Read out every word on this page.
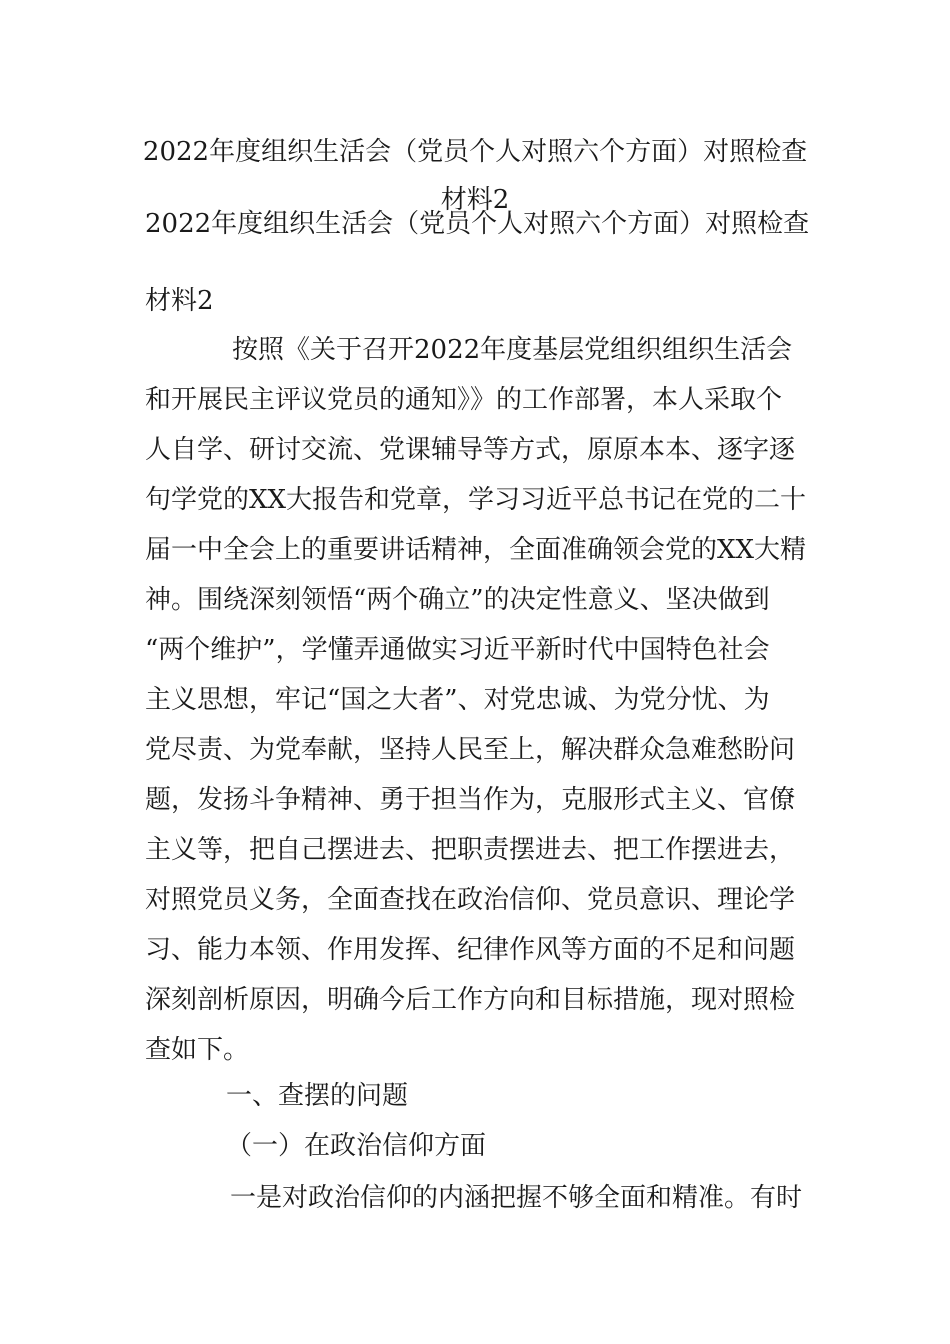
2022年度组织生活会（党员个人对照六个方面）对照检查
材料2
2022年度组织生活会（党员个人对照六个方面）对照检查
材料2
按照《关于召开2022年度基层党组织组织生活会
和开展民主评议党员的通知》》的工作部署，本人采取个
人自学、研讨交流、党课辅导等方式，原原本本、逐字逐
句学党的XX大报告和党章，学习习近平总书记在党的二十
届一中全会上的重要讲话精神，全面准确领会党的XX大精
神。围绕深刻领悟“两个确立”的决定性意义、坚决做到
“两个维护”，学懂弄通做实习近平新时代中国特色社会
主义思想，牢记“国之大者”、对党忠诚、为党分忧、为
党尽责、为党奉献，坚持人民至上，解决群众急难愁盼问
题，发扬斗争精神、勇于担当作为，克服形式主义、官僚
主义等，把自己摆进去、把职责摆进去、把工作摆进去，
对照党员义务，全面查找在政治信仰、党员意识、理论学
习、能力本领、作用发挥、纪律作风等方面的不足和问题
深刻剖析原因，明确今后工作方向和目标措施，现对照检
查如下。
一、查摆的问题
（一）在政治信仰方面
一是对政治信仰的内涵把握不够全面和精准。有时
